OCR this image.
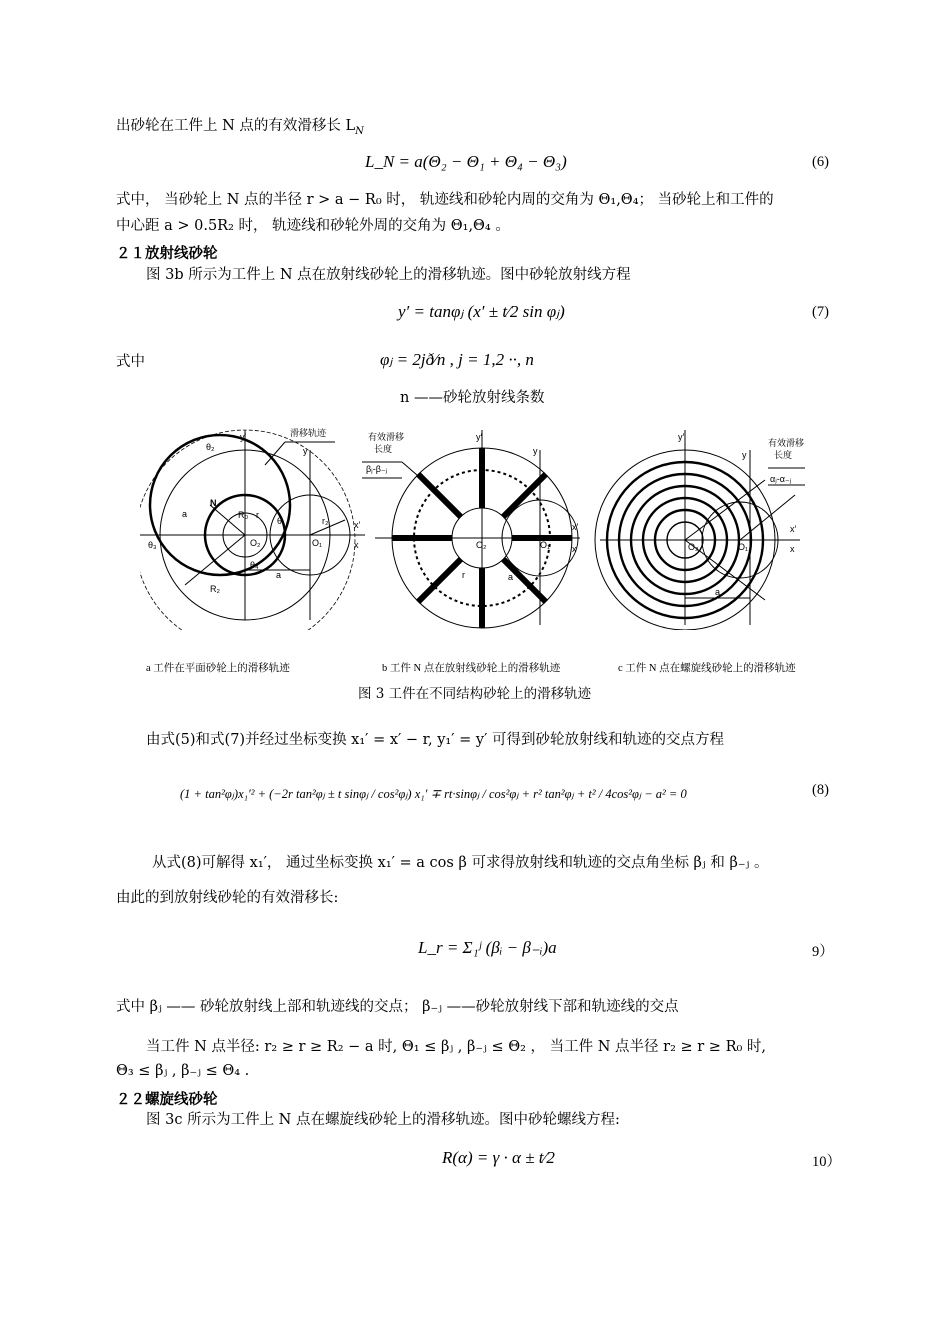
出砂轮在工件上 N 点的有效滑移长 $L_N$
L_N = a(Θ₂ − Θ₁ + Θ₄ − Θ₃)	(6)
式中， 当砂轮上 N 点的半径 r > a − R₀ 时， 轨迹线和砂轮内周的交角为 Θ₁,Θ₄； 当砂轮上和工件的
中心距 a > 0.5R₂ 时， 轨迹线和砂轮外周的交角为 Θ₁,Θ₄ 。
２１放射线砂轮
图 3b 所示为工件上 N 点在放射线砂轮上的滑移轨迹。图中砂轮放射线方程
y′ = tanφⱼ (x′ ± t⁄2 sin φⱼ)	(7)
式中	φⱼ = 2jð⁄n , j = 1,2 ··, n
n ——砂轮放射线条数
滑移轨迹
θ₂
y′
y
N
a	R₀ r
θ₁	r₂	x′
x
θ₃	O₂	O₁
θ₄
a
R₂
有效滑移
长度
βⱼ-β₋ⱼ
y′
y
x′
x
O₂	O₁
r	a
有效滑移
长度
αⱼ-α₋ⱼ
y′
y
x′
x
O₂	O₁
a
a 工件在平面砂轮上的滑移轨迹	b 工件 N 点在放射线砂轮上的滑移轨迹	c 工件 N 点在螺旋线砂轮上的滑移轨迹
图 3 工件在不同结构砂轮上的滑移轨迹
由式(5)和式(7)并经过坐标变换 x₁′ = x′ − r, y₁′ = y′ 可得到砂轮放射线和轨迹的交点方程
(1 + tan²φⱼ)x₁′² + (−2r tan²φⱼ ± t sinφⱼ / cos²φⱼ) x₁′ ∓ rt·sinφⱼ / cos²φⱼ + r² tan²φⱼ + t² / 4cos²φⱼ − a² = 0	(8)
从式(8)可解得 x₁′， 通过坐标变换 x₁′ = a cos β 可求得放射线和轨迹的交点角坐标 βⱼ 和 β₋ⱼ 。
由此的到放射线砂轮的有效滑移长:
L_r = Σ₁ʲ (βᵢ − β₋ᵢ)a	9）
式中 βⱼ —— 砂轮放射线上部和轨迹线的交点； β₋ⱼ ——砂轮放射线下部和轨迹线的交点
当工件 N 点半径: r₂ ≥ r ≥ R₂ − a 时, Θ₁ ≤ βⱼ , β₋ⱼ ≤ Θ₂ ， 当工件 N 点半径 r₂ ≥ r ≥ R₀ 时,
Θ₃ ≤ βⱼ , β₋ⱼ ≤ Θ₄ .
２２螺旋线砂轮
图 3c 所示为工件上 N 点在螺旋线砂轮上的滑移轨迹。图中砂轮螺线方程:
R(α) = γ · α ± t⁄2	10）
